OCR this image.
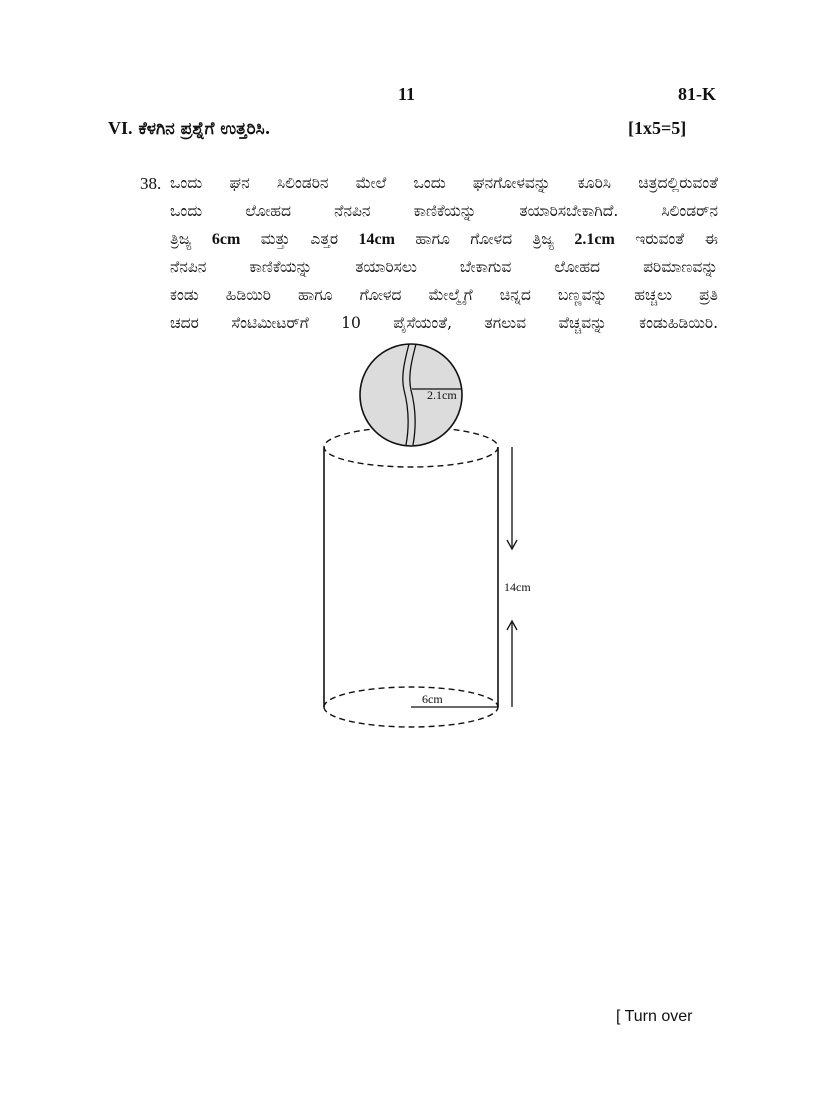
11	81-K
VI. ಕೆಳಗಿನ ಪ್ರಶ್ನೆಗೆ ಉತ್ತರಿಸಿ.	[1x5=5]
38. ಒಂದು ಘನ ಸಿಲಿಂಡರಿನ ಮೇಲೆ ಒಂದು ಘನಗೋಳವನ್ನು ಕೂರಿಸಿ ಚಿತ್ರದಲ್ಲಿರುವಂತೆ
ಒಂದು ಲೋಹದ ನೆನಪಿನ ಕಾಣಿಕೆಯನ್ನು ತಯಾರಿಸಬೇಕಾಗಿದೆ. ಸಿಲಿಂಡರ್‌ನ
ತ್ರಿಜ್ಯ 6cm ಮತ್ತು ಎತ್ತರ 14cm ಹಾಗೂ ಗೋಳದ ತ್ರಿಜ್ಯ 2.1cm ಇರುವಂತೆ ಈ
ನೆನಪಿನ ಕಾಣಿಕೆಯನ್ನು ತಯಾರಿಸಲು ಬೇಕಾಗುವ ಲೋಹದ ಪರಿಮಾಣವನ್ನು
ಕಂಡು ಹಿಡಿಯಿರಿ ಹಾಗೂ ಗೋಳದ ಮೇಲ್ಮೈಗೆ ಚಿನ್ನದ ಬಣ್ಣವನ್ನು ಹಚ್ಚಲು ಪ್ರತಿ
ಚದರ ಸೆಂಟಿಮೀಟರ್‌ಗೆ 10 ಪೈಸೆಯಂತೆ, ತಗಲುವ ವೆಚ್ಚವನ್ನು ಕಂಡುಹಿಡಿಯಿರಿ.
2.1cm
6cm
14cm
[ Turn over
